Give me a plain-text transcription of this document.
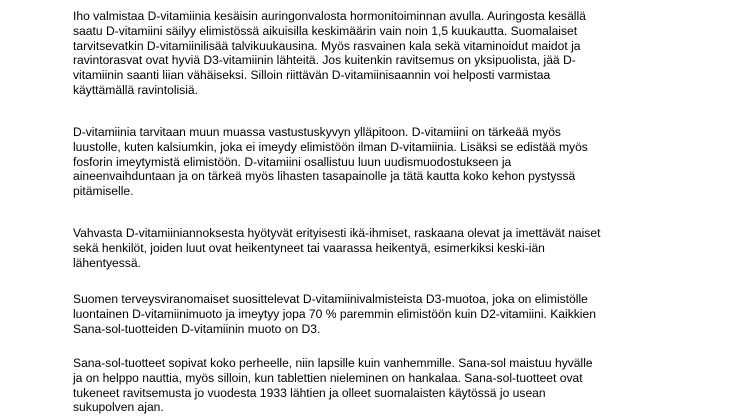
Iho valmistaa D-vitamiinia kesäisin auringonvalosta hormonitoiminnan avulla. Auringosta kesällä
saatu D-vitamiini säilyy elimistössä aikuisilla keskimäärin vain noin 1,5 kuukautta. Suomalaiset
tarvitsevatkin D-vitamiinilisää talvikuukausina. Myös rasvainen kala sekä vitaminoidut maidot ja
ravintorasvat ovat hyviä D3-vitamiinin lähteitä. Jos kuitenkin ravitsemus on yksipuolista, jää D-
vitamiinin saanti liian vähäiseksi. Silloin riittävän D-vitamiinisaannin voi helposti varmistaa
käyttämällä ravintolisiä.

D-vitamiinia tarvitaan muun muassa vastustuskyvyn ylläpitoon. D-vitamiini on tärkeää myös
luustolle, kuten kalsiumkin, joka ei imeydy elimistöön ilman D-vitamiinia. Lisäksi se edistää myös
fosforin imeytymistä elimistöön. D-vitamiini osallistuu luun uudismuodostukseen ja
aineenvaihduntaan ja on tärkeä myös lihasten tasapainolle ja tätä kautta koko kehon pystyssä
pitämiselle.

Vahvasta D-vitamiiniannoksesta hyötyvät erityisesti ikä-ihmiset, raskaana olevat ja imettävät naiset
sekä henkilöt, joiden luut ovat heikentyneet tai vaarassa heikentyä, esimerkiksi keski-iän
lähentyessä.

Suomen terveysviranomaiset suosittelevat D-vitamiinivalmisteista D3-muotoa, joka on elimistölle
luontainen D-vitamiinimuoto ja imeytyy jopa 70 % paremmin elimistöön kuin D2-vitamiini. Kaikkien
Sana-sol-tuotteiden D-vitamiinin muoto on D3.

Sana-sol-tuotteet sopivat koko perheelle, niin lapsille kuin vanhemmille. Sana-sol maistuu hyvälle
ja on helppo nauttia, myös silloin, kun tablettien nieleminen on hankalaa. Sana-sol-tuotteet ovat
tukeneet ravitsemusta jo vuodesta 1933 lähtien ja olleet suomalaisten käytössä jo usean
sukupolven ajan.
